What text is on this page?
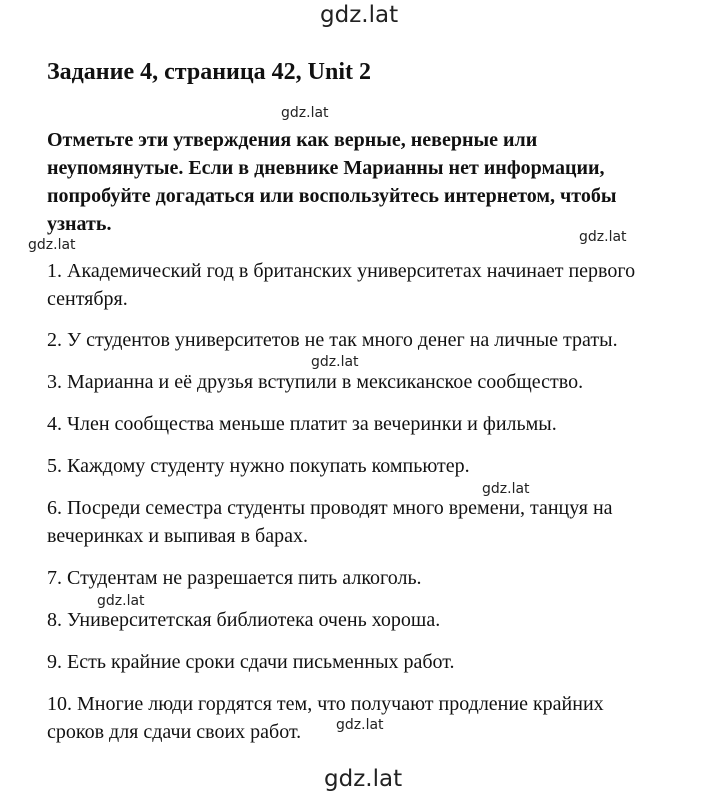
gdz.lat
gdz.lat
gdz.lat	gdz.lat
gdz.lat
gdz.lat
gdz.lat
gdz.lat
gdz.lat
Задание 4, страница 42, Unit 2

Отметьте эти утверждения как верные, неверные или неупомянутые. Если в дневнике Марианны нет информации, попробуйте догадаться или воспользуйтесь интернетом, чтобы узнать.

1. Академический год в британских университетах начинает первого сентября.

2. У студентов университетов не так много денег на личные траты.

3. Марианна и её друзья вступили в мексиканское сообщество.

4. Член сообщества меньше платит за вечеринки и фильмы.

5. Каждому студенту нужно покупать компьютер.

6. Посреди семестра студенты проводят много времени, танцуя на вечеринках и выпивая в барах.

7. Студентам не разрешается пить алкоголь.

8. Университетская библиотека очень хороша.

9. Есть крайние сроки сдачи письменных работ.

10. Многие люди гордятся тем, что получают продление крайних сроков для сдачи своих работ.
